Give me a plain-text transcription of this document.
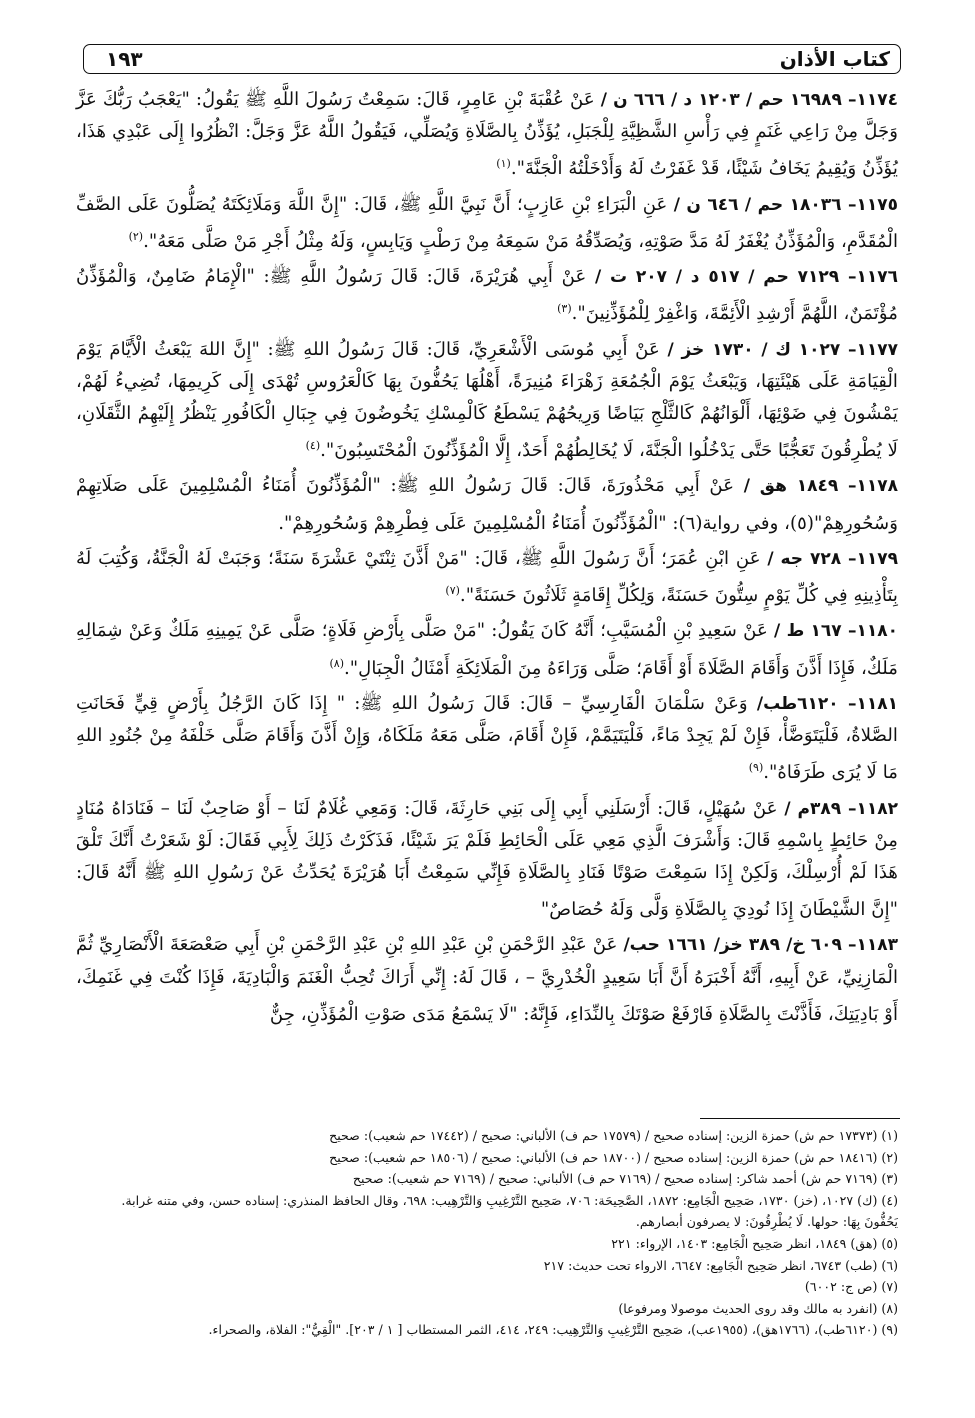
كتاب الأذان
١٩٣

١١٧٤– ١٦٩٨٩ حم / ١٢٠٣ د / ٦٦٦ ن / عَنْ عُقْبَةَ بْنِ عَامِرٍ، قَالَ: سَمِعْتُ رَسُولَ اللَّهِ ﷺ يَقُولُ: "يَعْجَبُ رَبُّكَ عَزَّ وَجَلَّ مِنْ رَاعِي غَنَمٍ فِي رَأْسِ الشَّظِيَّةِ لِلْجَبَلِ، يُؤَذِّنُ بِالصَّلَاةِ وَيُصَلِّي، فَيَقُولُ اللَّهُ عَزَّ وَجَلَّ: انْظُرُوا إِلَى عَبْدِي هَذَا، يُؤَذِّنُ وَيُقِيمُ يَخَافُ شَيْئًا، قَدْ غَفَرْتُ لَهُ وَأَدْخَلْتُهُ الْجَنَّةَ".$^{(١)}$

١١٧٥– ١٨٠٣٦ حم / ٦٤٦ ن / عَنِ الْبَرَاءِ بْنِ عَازِبٍ؛ أَنَّ نَبِيَّ اللَّهِ ﷺ، قَالَ: "إِنَّ اللَّهَ وَمَلَائِكَتَهُ يُصَلُّونَ عَلَى الصَّفِّ الْمُقَدَّمِ، وَالْمُؤَذِّنُ يُغْفَرُ لَهُ مَدَّ صَوْتِهِ، وَيُصَدِّقُهُ مَنْ سَمِعَهُ مِنْ رَطْبٍ وَيَابِسٍ، وَلَهُ مِثْلُ أَجْرِ مَنْ صَلَّى مَعَهُ".$^{(٢)}$

١١٧٦– ٧١٢٩ حم / ٥١٧ د / ٢٠٧ ت / عَنْ أَبِي هُرَيْرَةَ، قَالَ: قَالَ رَسُولُ اللَّهِ ﷺ: "الْإِمَامُ ضَامِنٌ، وَالْمُؤَذِّنُ مُؤْتَمَنٌ، اللَّهُمَّ أَرْشِدِ الْأَئِمَّةَ، وَاغْفِرْ لِلْمُؤَذِّنِينَ".$^{(٣)}$

١١٧٧– ١٠٢٧ ك / ١٧٣٠ خز / عَنْ أَبِي مُوسَى الْأَشْعَرِيِّ، قَالَ: قَالَ رَسُولُ اللهِ ﷺ: "إِنَّ اللهَ يَبْعَثُ الْأَيَّامَ يَوْمَ الْقِيَامَةِ عَلَى هَيْئَتِهَا، وَيَبْعَثُ يَوْمَ الْجُمُعَةِ زَهْرَاءَ مُنِيرَةً، أَهْلُهَا يَحُفُّونَ بِهَا كَالْعَرُوسِ تُهْدَى إِلَى كَرِيمِهَا، تُضِيءُ لَهُمْ، يَمْشُونَ فِي ضَوْئِهَا، أَلْوَانُهُمْ كَالثَّلْجِ بَيَاضًا وَرِيحُهُمْ يَسْطَعُ كَالْمِسْكِ يَخُوضُونَ فِي جِبَالِ الْكَافُورِ يَنْظُرُ إِلَيْهِمُ الثَّقَلَانِ، لَا يُطْرِقُونَ تَعَجُّبًا حَتَّى يَدْخُلُوا الْجَنَّةَ، لَا يُخَالِطُهُمْ أَحَدٌ، إِلَّا الْمُؤَذِّنُونَ الْمُحْتَسِبُونَ".$^{(٤)}$

١١٧٨– ١٨٤٩ هق / عَنْ أَبِي مَحْذُورَةَ، قَالَ: قَالَ رَسُولُ اللهِ ﷺ: "الْمُؤَذِّنُونَ أُمَنَاءُ الْمُسْلِمِينَ عَلَى صَلَاتِهِمْ وَسُحُورِهِمْ"(٥)، وفي رواية(٦): "الْمُؤَذِّنُونَ أُمَنَاءُ الْمُسْلِمِينَ عَلَى فِطْرِهِمْ وَسُحُورِهِمْ".

١١٧٩– ٧٢٨ جه / عَنِ ابْنِ عُمَرَ؛ أَنَّ رَسُولَ اللَّهِ ﷺ، قَالَ: "مَنْ أَذَّنَ ثِنْتَيْ عَشْرَةَ سَنَةً؛ وَجَبَتْ لَهُ الْجَنَّةُ، وَكُتِبَ لَهُ بِتَأْذِينِهِ فِي كُلِّ يَوْمٍ سِتُّونَ حَسَنَةً، وَلِكُلِّ إِقَامَةٍ ثَلَاثُونَ حَسَنَةً".$^{(٧)}$

١١٨٠– ١٦٧ ط / عَنْ سَعِيدِ بْنِ الْمُسَيَّبِ؛ أَنَّهُ كَانَ يَقُولُ: "مَنْ صَلَّى بِأَرْضِ فَلَاةٍ؛ صَلَّى عَنْ يَمِينِهِ مَلَكٌ وَعَنْ شِمَالِهِ مَلَكٌ، فَإِذَا أَذَّنَ وَأَقَامَ الصَّلَاةَ أَوْ أَقَامَ؛ صَلَّى وَرَاءَهُ مِنَ الْمَلَائِكَةِ أَمْثَالُ الْجِبَالِ".$^{(٨)}$

١١٨١– ٦١٢٠طب/ وَعَنْ سَلْمَانَ الْفَارِسِيِّ – قَالَ: قَالَ رَسُولُ اللهِ ﷺ: " إِذَا كَانَ الرَّجُلُ بِأَرْضٍ قِيٍّ فَحَانَتِ الصَّلاةُ، فَلْيَتَوَضَّأْ، فَإِنْ لَمْ يَجِدْ مَاءً، فَلْيَتَيَمَّمْ، فَإِنْ أَقَامَ، صَلَّى مَعَهُ مَلَكَاهُ، وَإِنْ أَذَّنَ وَأَقَامَ صَلَّى خَلْفَهُ مِنْ جُنُودِ اللهِ مَا لَا يُرَى طَرَفَاهُ".$^{(٩)}$

١١٨٢– ٣٨٩م / عَنْ سُهَيْلٍ، قَالَ: أَرْسَلَنِي أَبِي إِلَى بَنِي حَارِثَةَ، قَالَ: وَمَعِي غُلَامٌ لَنَا – أَوْ صَاحِبٌ لَنَا – فَنَادَاهُ مُنَادٍ مِنْ حَائِطٍ بِاسْمِهِ قَالَ: وَأَشْرَفَ الَّذِي مَعِي عَلَى الْحَائِطِ فَلَمْ يَرَ شَيْئًا، فَذَكَرْتُ ذَلِكَ لِأَبِي فَقَالَ: لَوْ شَعَرْتُ أَنَّكَ تَلْقَ هَذَا لَمْ أُرْسِلْكَ، وَلَكِنْ إِذَا سَمِعْتَ صَوْتًا فَنَادِ بِالصَّلَاةِ فَإِنِّي سَمِعْتُ أَبَا هُرَيْرَةَ يُحَدِّثُ عَنْ رَسُولِ اللهِ ﷺ أَنَّهُ قَالَ: "إِنَّ الشَّيْطَانَ إِذَا نُودِيَ بِالصَّلَاةِ وَلَّى وَلَهُ حُصَاصٌ"

١١٨٣– ٦٠٩ خ/ ٣٨٩ خز/ ١٦٦١ حب/ عَنْ عَبْدِ الرَّحْمَنِ بْنِ عَبْدِ اللهِ بْنِ عَبْدِ الرَّحْمَنِ بْنِ أَبِي صَعْصَعَةَ الْأَنْصَارِيِّ ثُمَّ الْمَازِنِيِّ، عَنْ أَبِيهِ، أَنَّهُ أَخْبَرَهُ أَنَّ أَبَا سَعِيدٍ الْخُدْرِيَّ – ، قَالَ لَهُ: إِنِّي أَرَاكَ تُحِبُّ الْغَنَمَ وَالْبَادِيَةَ، فَإِذَا كُنْتَ فِي غَنَمِكَ، أَوْ بَادِيَتِكَ، فَأَذَّنْتَ بِالصَّلَاةِ فَارْفَعْ صَوْتَكَ بِالنِّدَاءِ، فَإِنَّهُ: "لَا يَسْمَعُ مَدَى صَوْتِ الْمُؤَذِّنِ، جِنٌّ

(١) (١٧٣٧٣ حم ش) حمزة الزين: إسناده صحيح / (١٧٥٧٩ حم ف) الألباني: صحيح / (١٧٤٤٢ حم شعيب): صحيح

(٢) (١٨٤١٦ حم ش) حمزة الزين: إسناده صحيح / (١٨٧٠٠ حم ف) الألباني: صحيح / (١٨٥٠٦ حم شعيب): صحيح

(٣) (٧١٦٩ حم ش) أحمد شاكر: إسناده صحيح / (٧١٦٩ حم ف) الألباني: صحيح / (٧١٦٩ حم شعيب): صحيح

(٤) (ك) ١٠٢٧، (خز) ١٧٣٠، صَحِيح الْجَامِع: ١٨٧٢، الصَّحِيحَة: ٧٠٦، صَحِيح التَّرْغِيبِ وَالتَّرْهِيب: ٦٩٨، وقال الحافظ المنذري: إسناده حسن، وفي متنه غرابة. يَحُفُّونَ بِهَا: حولها. لَا يُطْرِقُونَ: لا يصرفون أبصارهم.

(٥) (هق) ١٨٤٩، انظر صَحِيح الْجَامِع: ١٤٠٣، الإرواء: ٢٢١

(٦) (طب) ٦٧٤٣، انظر صَحِيح الْجَامِع: ٦٦٤٧، الارواء تحت حديث: ٢١٧

(٧) (ص ج: ٦٠٠٢)

(٨) (انفرد به مالك وقد روى الحديث موصولا ومرفوعا)

(٩) (٦١٢٠طب)، (١٧٦٦هق)، (١٩٥٥عب)، صَحِيح التَّرْغِيبِ وَالتَّرْهِيب: ٢٤٩، ٤١٤، الثمر المستطاب [ ١ / ٢٠٣]. "الْقِيُّ": الفلاة، والصحراء.
